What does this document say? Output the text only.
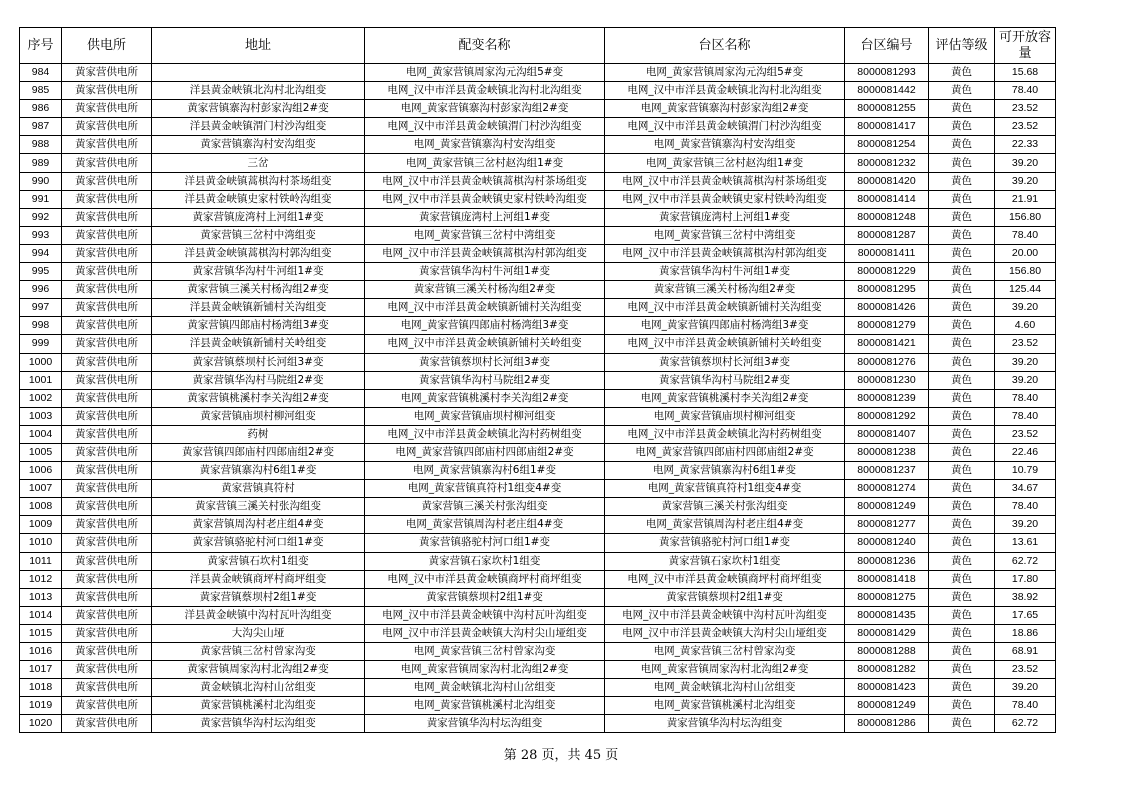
序号	供电所	地址	配变名称	台区名称	台区编号	评估等级	可开放容量
984	黄家营供电所		电网_黄家营镇周家沟元沟组5#变	电网_黄家营镇周家沟元沟组5#变	8000081293	黄色	15.68
985	黄家营供电所	洋县黄金峡镇北沟村北沟组变	电网_汉中市洋县黄金峡镇北沟村北沟组变	电网_汉中市洋县黄金峡镇北沟村北沟组变	8000081442	黄色	78.40
986	黄家营供电所	黄家营镇寨沟村彭家沟组2#变	电网_黄家营镇寨沟村彭家沟组2#变	电网_黄家营镇寨沟村彭家沟组2#变	8000081255	黄色	23.52
987	黄家营供电所	洋县黄金峡镇渭门村沙沟组变	电网_汉中市洋县黄金峡镇渭门村沙沟组变	电网_汉中市洋县黄金峡镇渭门村沙沟组变	8000081417	黄色	23.52
988	黄家营供电所	黄家营镇寨沟村安沟组变	电网_黄家营镇寨沟村安沟组变	电网_黄家营镇寨沟村安沟组变	8000081254	黄色	22.33
989	黄家营供电所	三岔	电网_黄家营镇三岔村赵沟组1#变	电网_黄家营镇三岔村赵沟组1#变	8000081232	黄色	39.20
990	黄家营供电所	洋县黄金峡镇蒿棋沟村茶场组变	电网_汉中市洋县黄金峡镇蒿棋沟村茶场组变	电网_汉中市洋县黄金峡镇蒿棋沟村茶场组变	8000081420	黄色	39.20
991	黄家营供电所	洋县黄金峡镇史家村铁岭沟组变	电网_汉中市洋县黄金峡镇史家村铁岭沟组变	电网_汉中市洋县黄金峡镇史家村铁岭沟组变	8000081414	黄色	21.91
992	黄家营供电所	黄家营镇庞湾村上河组1#变	黄家营镇庞湾村上河组1#变	黄家营镇庞湾村上河组1#变	8000081248	黄色	156.80
993	黄家营供电所	黄家营镇三岔村中湾组变	电网_黄家营镇三岔村中湾组变	电网_黄家营镇三岔村中湾组变	8000081287	黄色	78.40
994	黄家营供电所	洋县黄金峡镇蒿棋沟村郭沟组变	电网_汉中市洋县黄金峡镇蒿棋沟村郭沟组变	电网_汉中市洋县黄金峡镇蒿棋沟村郭沟组变	8000081411	黄色	20.00
995	黄家营供电所	黄家营镇华沟村牛河组1#变	黄家营镇华沟村牛河组1#变	黄家营镇华沟村牛河组1#变	8000081229	黄色	156.80
996	黄家营供电所	黄家营镇三溪关村杨沟组2#变	黄家营镇三溪关村杨沟组2#变	黄家营镇三溪关村杨沟组2#变	8000081295	黄色	125.44
997	黄家营供电所	洋县黄金峡镇新铺村关沟组变	电网_汉中市洋县黄金峡镇新铺村关沟组变	电网_汉中市洋县黄金峡镇新铺村关沟组变	8000081426	黄色	39.20
998	黄家营供电所	黄家营镇四郎庙村杨湾组3#变	电网_黄家营镇四郎庙村杨湾组3#变	电网_黄家营镇四郎庙村杨湾组3#变	8000081279	黄色	4.60
999	黄家营供电所	洋县黄金峡镇新铺村关岭组变	电网_汉中市洋县黄金峡镇新铺村关岭组变	电网_汉中市洋县黄金峡镇新铺村关岭组变	8000081421	黄色	23.52
1000	黄家营供电所	黄家营镇蔡坝村长河组3#变	黄家营镇蔡坝村长河组3#变	黄家营镇蔡坝村长河组3#变	8000081276	黄色	39.20
1001	黄家营供电所	黄家营镇华沟村马院组2#变	黄家营镇华沟村马院组2#变	黄家营镇华沟村马院组2#变	8000081230	黄色	39.20
1002	黄家营供电所	黄家营镇桃溪村李关沟组2#变	电网_黄家营镇桃溪村李关沟组2#变	电网_黄家营镇桃溪村李关沟组2#变	8000081239	黄色	78.40
1003	黄家营供电所	黄家营镇庙坝村柳河组变	电网_黄家营镇庙坝村柳河组变	电网_黄家营镇庙坝村柳河组变	8000081292	黄色	78.40
1004	黄家营供电所	药树	电网_汉中市洋县黄金峡镇北沟村药树组变	电网_汉中市洋县黄金峡镇北沟村药树组变	8000081407	黄色	23.52
1005	黄家营供电所	黄家营镇四郎庙村四郎庙组2#变	电网_黄家营镇四郎庙村四郎庙组2#变	电网_黄家营镇四郎庙村四郎庙组2#变	8000081238	黄色	22.46
1006	黄家营供电所	黄家营镇寨沟村6组1#变	电网_黄家营镇寨沟村6组1#变	电网_黄家营镇寨沟村6组1#变	8000081237	黄色	10.79
1007	黄家营供电所	黄家营镇真符村	电网_黄家营镇真符村1组变4#变	电网_黄家营镇真符村1组变4#变	8000081274	黄色	34.67
1008	黄家营供电所	黄家营镇三溪关村张沟组变	黄家营镇三溪关村张沟组变	黄家营镇三溪关村张沟组变	8000081249	黄色	78.40
1009	黄家营供电所	黄家营镇周沟村老庄组4#变	电网_黄家营镇周沟村老庄组4#变	电网_黄家营镇周沟村老庄组4#变	8000081277	黄色	39.20
1010	黄家营供电所	黄家营镇骆驼村河口组1#变	黄家营镇骆驼村河口组1#变	黄家营镇骆驼村河口组1#变	8000081240	黄色	13.61
1011	黄家营供电所	黄家营镇石坎村1组变	黄家营镇石家坎村1组变	黄家营镇石家坎村1组变	8000081236	黄色	62.72
1012	黄家营供电所	洋县黄金峡镇商坪村商坪组变	电网_汉中市洋县黄金峡镇商坪村商坪组变	电网_汉中市洋县黄金峡镇商坪村商坪组变	8000081418	黄色	17.80
1013	黄家营供电所	黄家营镇蔡坝村2组1#变	黄家营镇蔡坝村2组1#变	黄家营镇蔡坝村2组1#变	8000081275	黄色	38.92
1014	黄家营供电所	洋县黄金峡镇中沟村瓦叶沟组变	电网_汉中市洋县黄金峡镇中沟村瓦叶沟组变	电网_汉中市洋县黄金峡镇中沟村瓦叶沟组变	8000081435	黄色	17.65
1015	黄家营供电所	大沟尖山垭	电网_汉中市洋县黄金峡镇大沟村尖山垭组变	电网_汉中市洋县黄金峡镇大沟村尖山垭组变	8000081429	黄色	18.86
1016	黄家营供电所	黄家营镇三岔村曾家沟变	电网_黄家营镇三岔村曾家沟变	电网_黄家营镇三岔村曾家沟变	8000081288	黄色	68.91
1017	黄家营供电所	黄家营镇周家沟村北沟组2#变	电网_黄家营镇周家沟村北沟组2#变	电网_黄家营镇周家沟村北沟组2#变	8000081282	黄色	23.52
1018	黄家营供电所	黄金峡镇北沟村山岔组变	电网_黄金峡镇北沟村山岔组变	电网_黄金峡镇北沟村山岔组变	8000081423	黄色	39.20
1019	黄家营供电所	黄家营镇桃溪村北沟组变	电网_黄家营镇桃溪村北沟组变	电网_黄家营镇桃溪村北沟组变	8000081249	黄色	78.40
1020	黄家营供电所	黄家营镇华沟村坛沟组变	黄家营镇华沟村坛沟组变	黄家营镇华沟村坛沟组变	8000081286	黄色	62.72
第 28 页，共 45 页
